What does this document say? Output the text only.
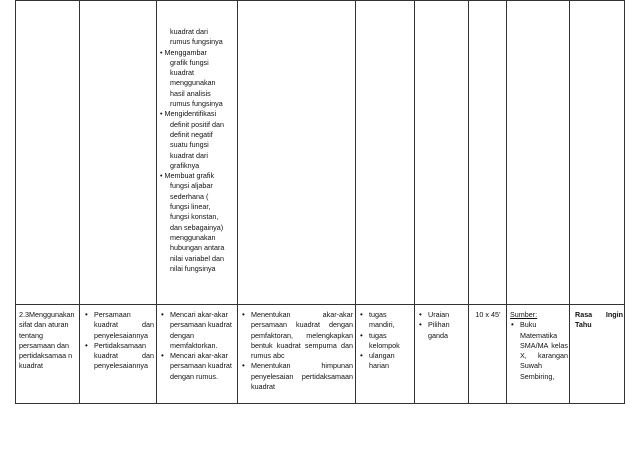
kuadrat dari
rumus fungsinya
• Menggambar
grafik fungsi
kuadrat
menggunakan
hasil analisis
rumus fungsinya
• Mengidentifikasi
definit positif dan
definit negatif
suatu fungsi
kuadrat dari
grafiknya
• Membuat grafik
fungsi aljabar
sederhana (
fungsi linear,
fungsi konstan,
dan sebagainya)
menggunakan
hubungan antara
nilai variabel dan
nilai fungsinya
2.3Menggunakan sifat dan aturan tentang persamaan dan pertidaksamaa n kuadrat
• Persamaan kuadrat dan penyelesaiannya
• Pertidaksamaan kuadrat dan penyelesaiannya
• Mencari akar-akar persamaan kuadrat dengan memfaktorkan.
• Mencari akar-akar persamaan kuadrat dengan rumus.
• Menentukan akar-akar persamaan kuadrat dengan pemfaktoran, melengkapkan bentuk kuadrat sempurna dan rumus abc
• Menentukan himpunan penyelesaian pertidaksamaan kuadrat
• tugas mandiri,
• tugas kelompok
• ulangan harian
• Uraian
• Pilihan ganda
10 x 45’	Sumber:
• Buku Matematika SMA/MA kelas X, karangan Suwah Sembiring,
Rasa Ingin Tahu
